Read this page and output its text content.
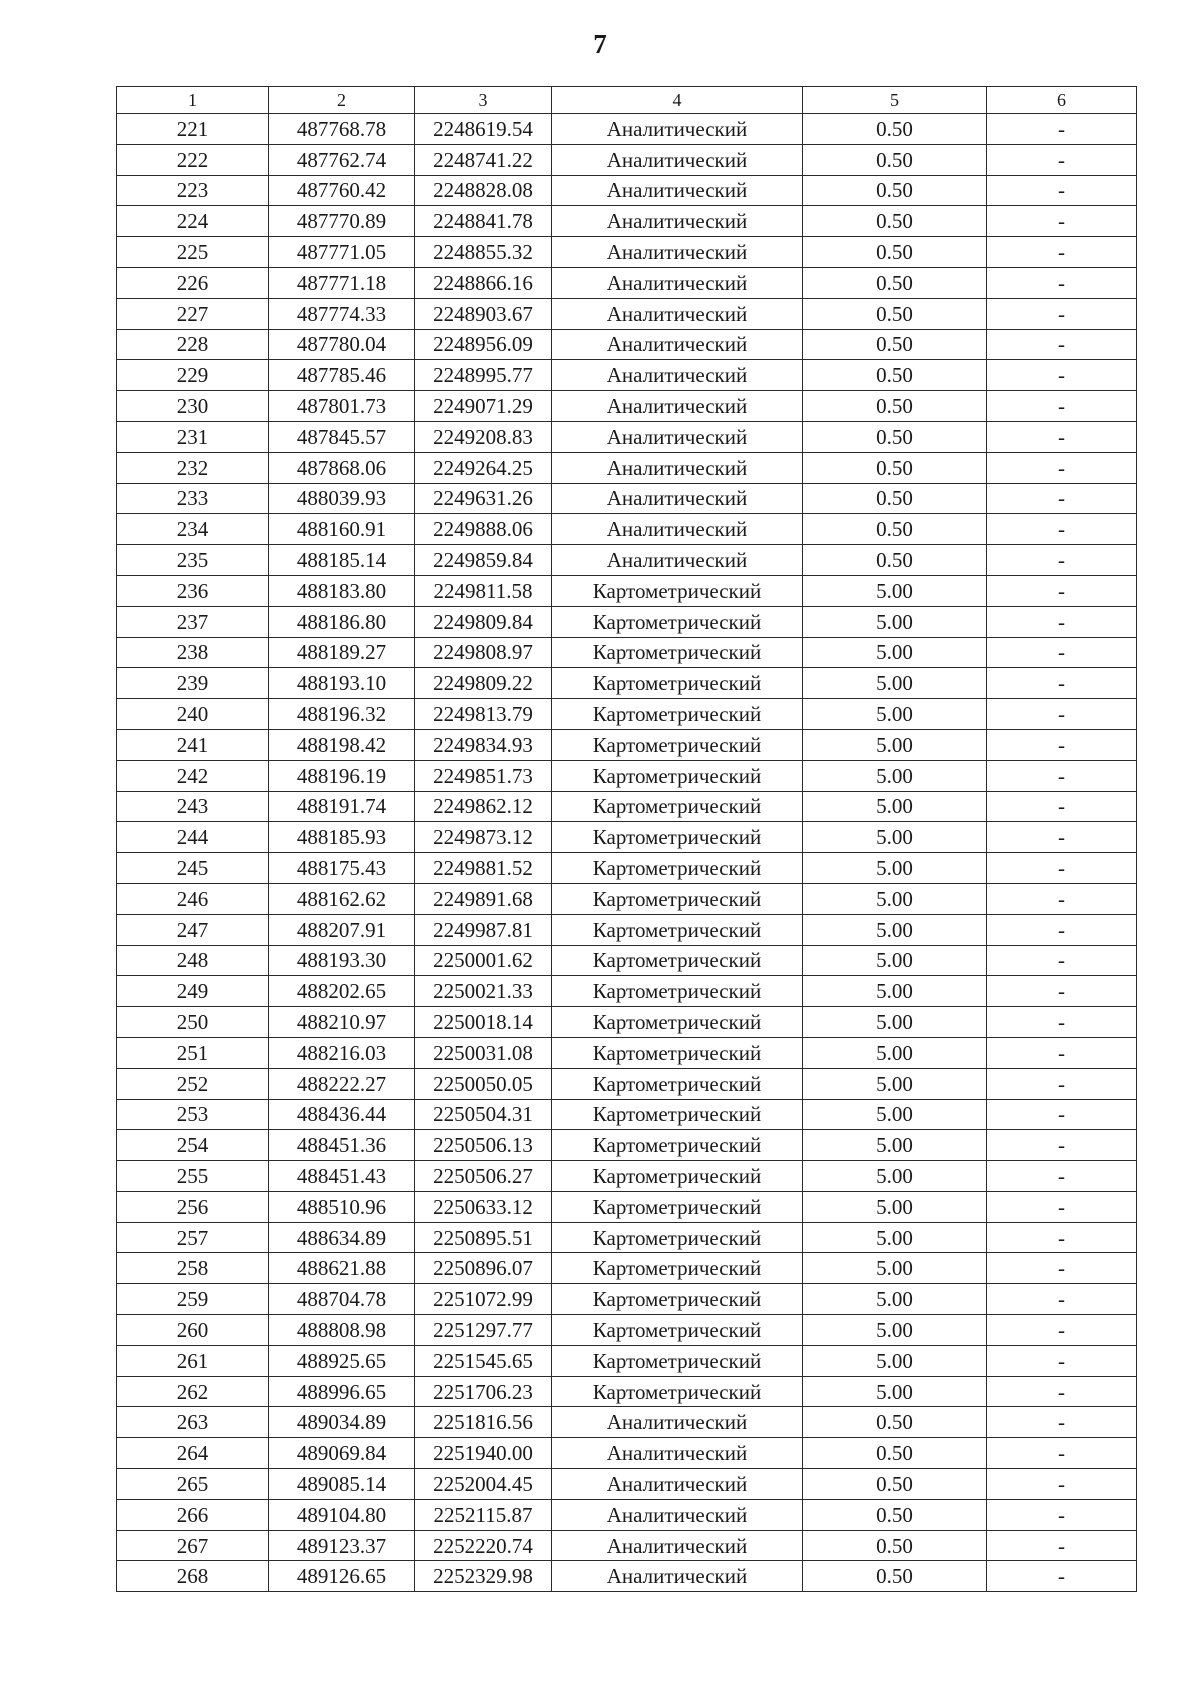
7
1	2	3	4	5	6
221	487768.78	2248619.54	Аналитический	0.50	-
222	487762.74	2248741.22	Аналитический	0.50	-
223	487760.42	2248828.08	Аналитический	0.50	-
224	487770.89	2248841.78	Аналитический	0.50	-
225	487771.05	2248855.32	Аналитический	0.50	-
226	487771.18	2248866.16	Аналитический	0.50	-
227	487774.33	2248903.67	Аналитический	0.50	-
228	487780.04	2248956.09	Аналитический	0.50	-
229	487785.46	2248995.77	Аналитический	0.50	-
230	487801.73	2249071.29	Аналитический	0.50	-
231	487845.57	2249208.83	Аналитический	0.50	-
232	487868.06	2249264.25	Аналитический	0.50	-
233	488039.93	2249631.26	Аналитический	0.50	-
234	488160.91	2249888.06	Аналитический	0.50	-
235	488185.14	2249859.84	Аналитический	0.50	-
236	488183.80	2249811.58	Картометрический	5.00	-
237	488186.80	2249809.84	Картометрический	5.00	-
238	488189.27	2249808.97	Картометрический	5.00	-
239	488193.10	2249809.22	Картометрический	5.00	-
240	488196.32	2249813.79	Картометрический	5.00	-
241	488198.42	2249834.93	Картометрический	5.00	-
242	488196.19	2249851.73	Картометрический	5.00	-
243	488191.74	2249862.12	Картометрический	5.00	-
244	488185.93	2249873.12	Картометрический	5.00	-
245	488175.43	2249881.52	Картометрический	5.00	-
246	488162.62	2249891.68	Картометрический	5.00	-
247	488207.91	2249987.81	Картометрический	5.00	-
248	488193.30	2250001.62	Картометрический	5.00	-
249	488202.65	2250021.33	Картометрический	5.00	-
250	488210.97	2250018.14	Картометрический	5.00	-
251	488216.03	2250031.08	Картометрический	5.00	-
252	488222.27	2250050.05	Картометрический	5.00	-
253	488436.44	2250504.31	Картометрический	5.00	-
254	488451.36	2250506.13	Картометрический	5.00	-
255	488451.43	2250506.27	Картометрический	5.00	-
256	488510.96	2250633.12	Картометрический	5.00	-
257	488634.89	2250895.51	Картометрический	5.00	-
258	488621.88	2250896.07	Картометрический	5.00	-
259	488704.78	2251072.99	Картометрический	5.00	-
260	488808.98	2251297.77	Картометрический	5.00	-
261	488925.65	2251545.65	Картометрический	5.00	-
262	488996.65	2251706.23	Картометрический	5.00	-
263	489034.89	2251816.56	Аналитический	0.50	-
264	489069.84	2251940.00	Аналитический	0.50	-
265	489085.14	2252004.45	Аналитический	0.50	-
266	489104.80	2252115.87	Аналитический	0.50	-
267	489123.37	2252220.74	Аналитический	0.50	-
268	489126.65	2252329.98	Аналитический	0.50	-
